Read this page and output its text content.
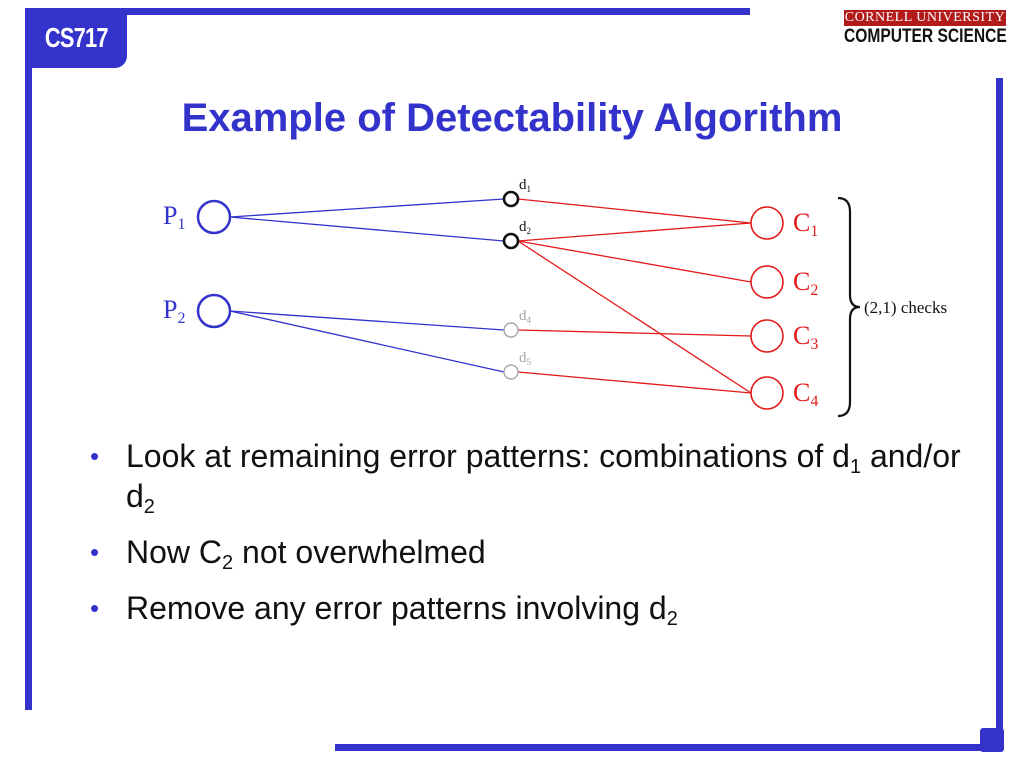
CS717
CORNELL UNIVERSITY
COMPUTER SCIENCE
Example of Detectability Algorithm
P1
P2
$d_1$
$d_2$
$d_4$
$d_5$
C1
C2
C3
C4
(2,1) checks
• Look at remaining error patterns: combinations of $d_1$ and/or $d_2$
• Now $C_2$ not overwhelmed
• Remove any error patterns involving $d_2$
